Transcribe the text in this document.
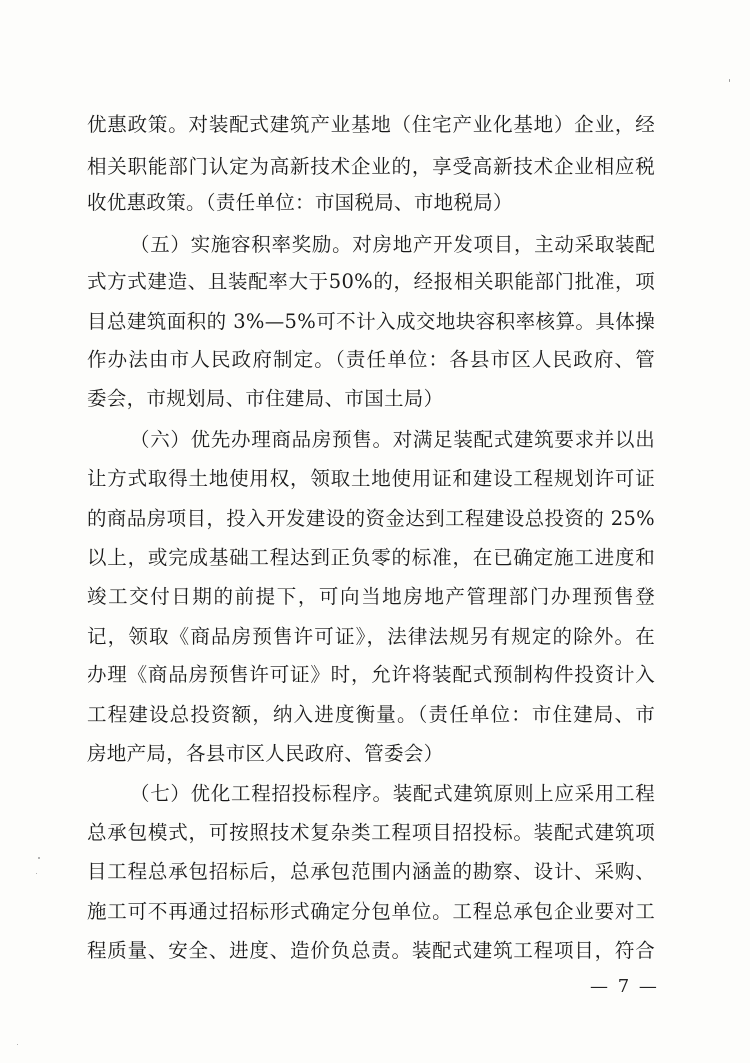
优惠政策。对装配式建筑产业基地（住宅产业化基地）企业，经
相关职能部门认定为高新技术企业的，享受高新技术企业相应税
收优惠政策。（责任单位：市国税局、市地税局）
（五）实施容积率奖励。对房地产开发项目，主动采取装配
式方式建造、且装配率大于50%的，经报相关职能部门批准，项
目总建筑面积的 3%—5%可不计入成交地块容积率核算。具体操
作办法由市人民政府制定。（责任单位：各县市区人民政府、管
委会，市规划局、市住建局、市国土局）
（六）优先办理商品房预售。对满足装配式建筑要求并以出
让方式取得土地使用权，领取土地使用证和建设工程规划许可证
的商品房项目，投入开发建设的资金达到工程建设总投资的 25%
以上，或完成基础工程达到正负零的标准，在已确定施工进度和
竣工交付日期的前提下，可向当地房地产管理部门办理预售登
记，领取《商品房预售许可证》，法律法规另有规定的除外。在
办理《商品房预售许可证》时，允许将装配式预制构件投资计入
工程建设总投资额，纳入进度衡量。（责任单位：市住建局、市
房地产局，各县市区人民政府、管委会）
（七）优化工程招投标程序。装配式建筑原则上应采用工程
总承包模式，可按照技术复杂类工程项目招投标。装配式建筑项
目工程总承包招标后，总承包范围内涵盖的勘察、设计、采购、
施工可不再通过招标形式确定分包单位。工程总承包企业要对工
程质量、安全、进度、造价负总责。装配式建筑工程项目，符合
— 7 —
